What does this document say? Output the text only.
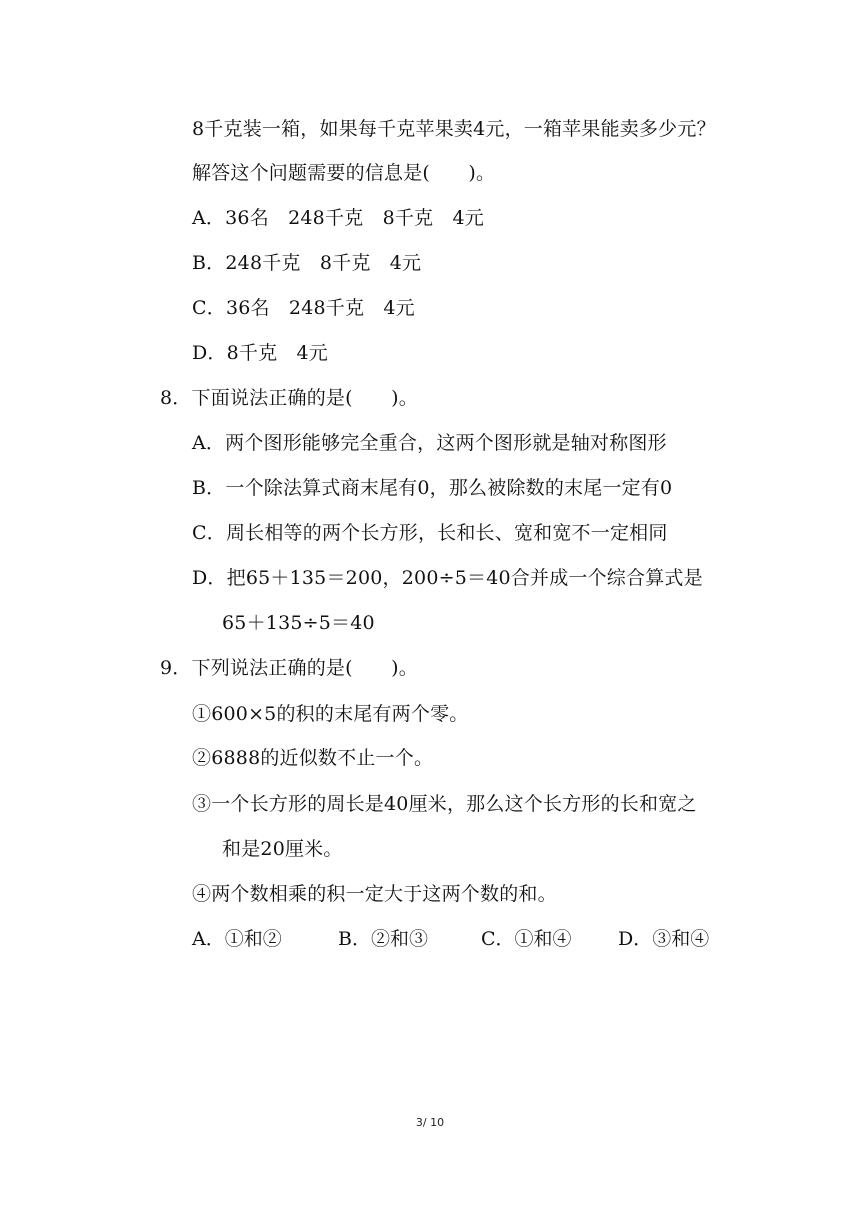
8千克装一箱，如果每千克苹果卖4元，一箱苹果能卖多少元？
解答这个问题需要的信息是(　　)。
A．36名　248千克　8千克　4元
B．248千克　8千克　4元
C．36名　248千克　4元
D．8千克　4元
8．下面说法正确的是(　　)。
A．两个图形能够完全重合，这两个图形就是轴对称图形
B．一个除法算式商末尾有0，那么被除数的末尾一定有0
C．周长相等的两个长方形，长和长、宽和宽不一定相同
D．把65＋135＝200，200÷5＝40合并成一个综合算式是
65＋135÷5＝40
9．下列说法正确的是(　　)。
①600×5的积的末尾有两个零。
②6888的近似数不止一个。
③一个长方形的周长是40厘米，那么这个长方形的长和宽之
和是20厘米。
④两个数相乘的积一定大于这两个数的和。
A．①和②	B．②和③	C．①和④ D．③和④
3/ 10
